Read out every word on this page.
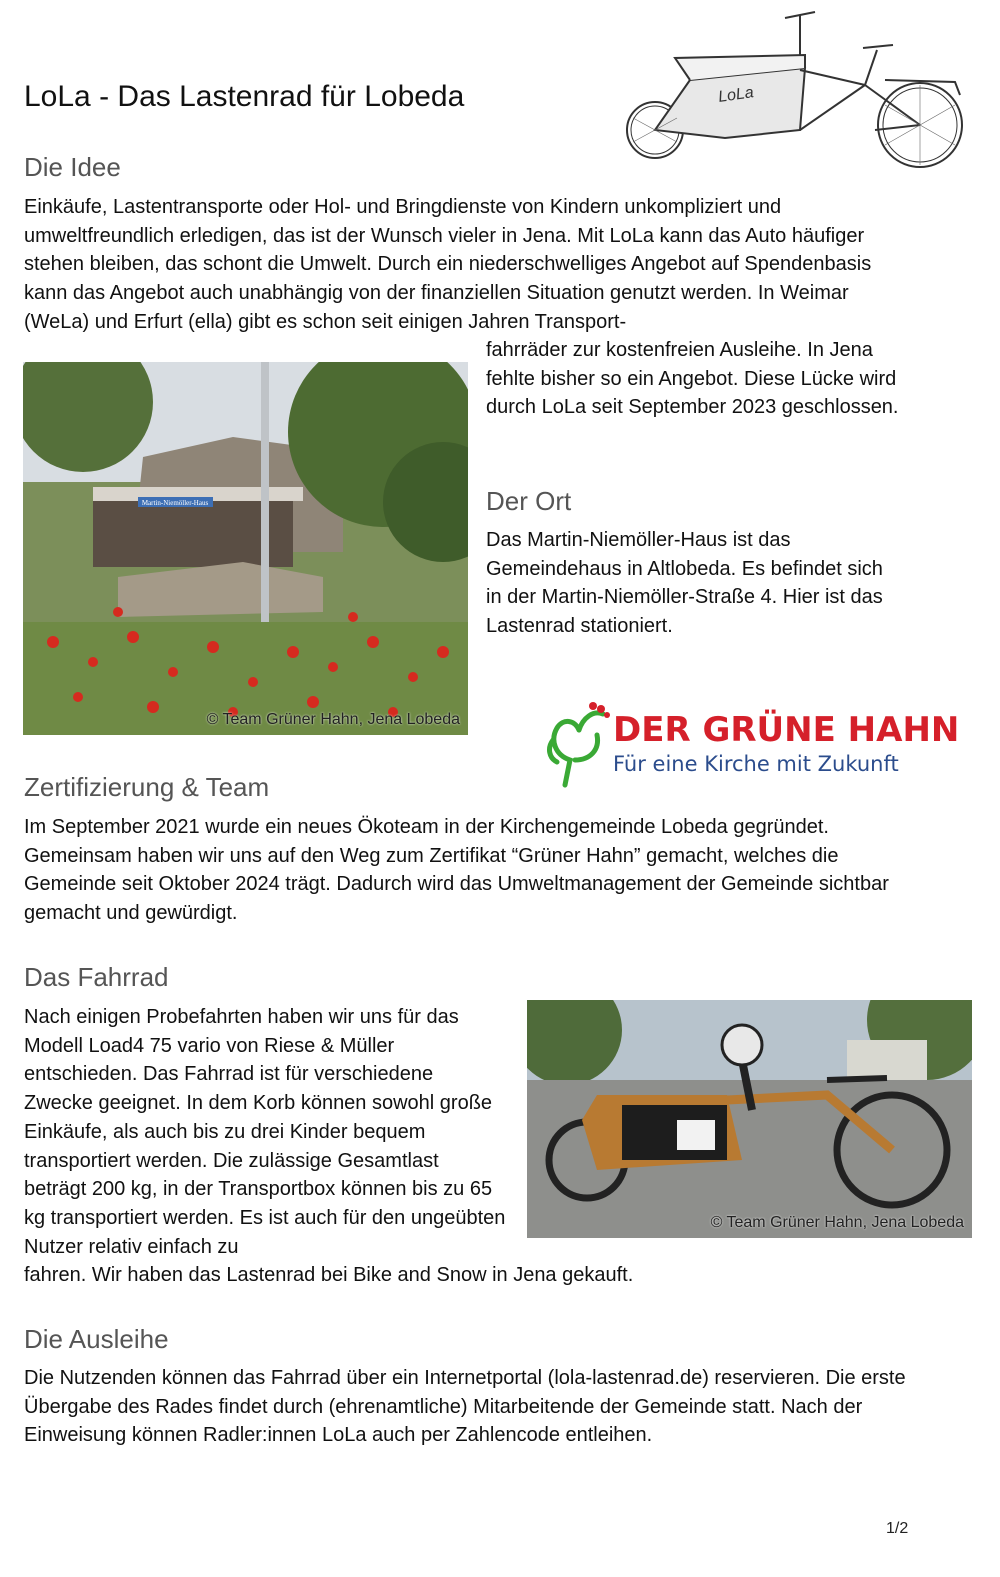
LoLa - Das Lastenrad für Lobeda	LoLa
Die Idee

Einkäufe, Lastentransporte oder Hol- und Bringdienste von Kindern unkompliziert und umweltfreundlich erledigen, das ist der Wunsch vieler in Jena. Mit LoLa kann das Auto häufiger stehen bleiben, das schont die Umwelt. Durch ein niederschwelliges Angebot auf Spendenbasis kann das Angebot auch unabhängig von der finanziellen Situation genutzt werden. In Weimar (WeLa) und Erfurt (ella) gibt es schon seit einigen Jahren Transport-

Martin-Niemöller-Haus
© Team Grüner Hahn, Jena Lobeda

fahrräder zur kostenfreien Ausleihe. In Jena fehlte bisher so ein Angebot. Diese Lücke wird durch LoLa seit September 2023 geschlossen.

Der Ort

Das Martin-Niemöller-Haus ist das Gemeindehaus in Altlobeda. Es befindet sich in der Martin-Niemöller-Straße 4. Hier ist das Lastenrad stationiert.

DER GRÜNE HAHN
Für eine Kirche mit Zukunft
Zertifizierung & Team

Im September 2021 wurde ein neues Ökoteam in der Kirchengemeinde Lobeda gegründet. Gemeinsam haben wir uns auf den Weg zum Zertifikat “Grüner Hahn” gemacht, welches die Gemeinde seit Oktober 2024 trägt. Dadurch wird das Umweltmanagement der Gemeinde sichtbar gemacht und gewürdigt.

Das Fahrrad

Nach einigen Probefahrten haben wir uns für das Modell Load4 75 vario von Riese & Müller entschieden. Das Fahrrad ist für verschiedene Zwecke geeignet. In dem Korb können sowohl große Einkäufe, als auch bis zu drei Kinder bequem transportiert werden. Die zulässige Gesamtlast beträgt 200 kg, in der Transportbox können bis zu 65 kg transportiert werden. Es ist auch für den ungeübten Nutzer relativ einfach zu

fahren. Wir haben das Lastenrad bei Bike and Snow in Jena gekauft.

© Team Grüner Hahn, Jena Lobeda
Die Ausleihe

Die Nutzenden können das Fahrrad über ein Internetportal (lola-lastenrad.de) reservieren. Die erste Übergabe des Rades findet durch (ehrenamtliche) Mitarbeitende der Gemeinde statt. Nach der Einweisung können Radler:innen LoLa auch per Zahlencode entleihen.

1/2
